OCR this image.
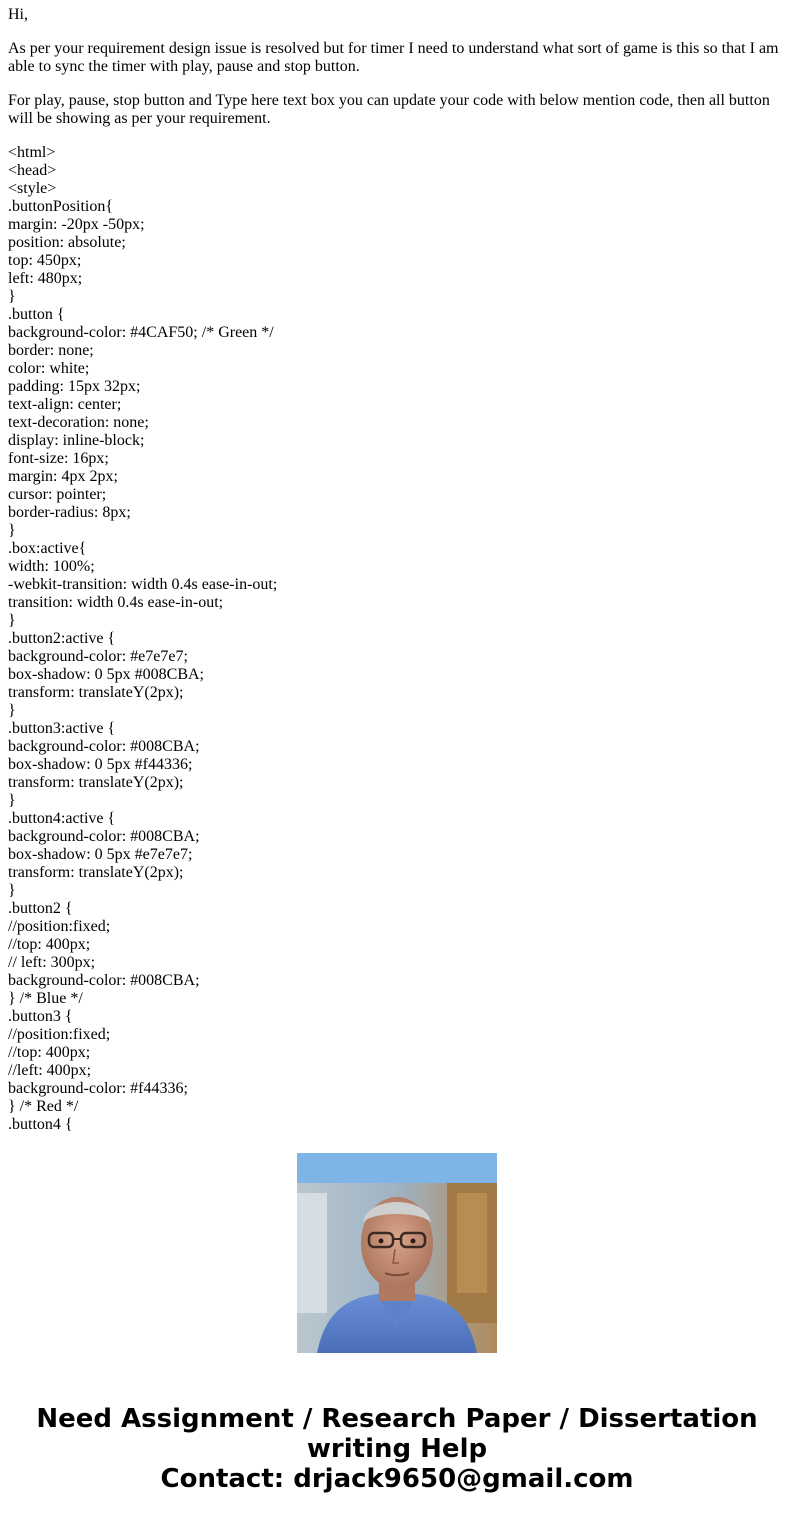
Hi,

As per your requirement design issue is resolved but for timer I need to understand what sort of game is this so that I am able to sync the timer with play, pause and stop button.

For play, pause, stop button and Type here text box you can update your code with below mention code, then all button will be showing as per your requirement.

<html>
<head>
<style>
.buttonPosition{
margin: -20px -50px;
position: absolute;
top: 450px;
left: 480px;
}
.button {
background-color: #4CAF50; /* Green */
border: none;
color: white;
padding: 15px 32px;
text-align: center;
text-decoration: none;
display: inline-block;
font-size: 16px;
margin: 4px 2px;
cursor: pointer;
border-radius: 8px;
}
.box:active{
width: 100%;
-webkit-transition: width 0.4s ease-in-out;
transition: width 0.4s ease-in-out;
}
.button2:active {
background-color: #e7e7e7;
box-shadow: 0 5px #008CBA;
transform: translateY(2px);
}
.button3:active {
background-color: #008CBA;
box-shadow: 0 5px #f44336;
transform: translateY(2px);
}
.button4:active {
background-color: #008CBA;
box-shadow: 0 5px #e7e7e7;
transform: translateY(2px);
}
.button2 {
//position:fixed;
//top: 400px;
// left: 300px;
background-color: #008CBA;
} /* Blue */
.button3 {
//position:fixed;
//top: 400px;
//left: 400px;
background-color: #f44336;
} /* Red */
.button4 {
Need Assignment / Research Paper / Dissertation
writing Help
Contact: drjack9650@gmail.com
